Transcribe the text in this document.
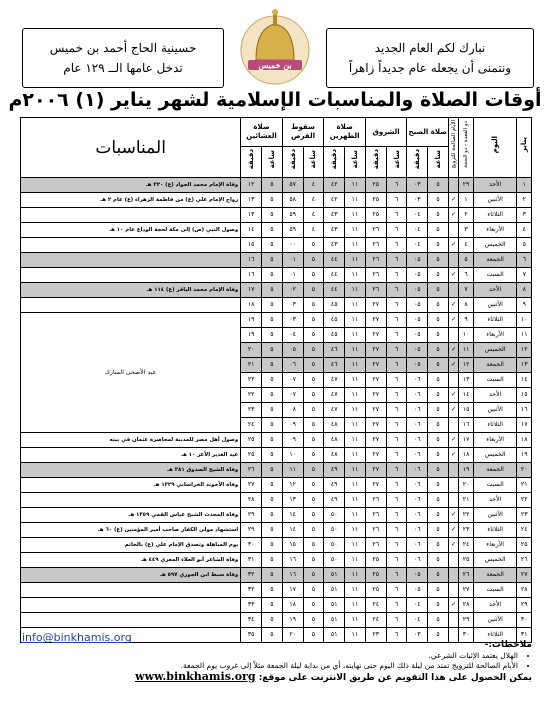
نبارك لكم العام الجديد
ونتمنى أن يجعله عام جديداً زاهراً
بن خميس
حسينية الحاج أحمد بن خميس
تدخل عامها الــ ١٢٩ عام
أوقات الصلاة والمناسبات الإسلامية لشهر يناير (١) ٢٠٠٦م
يناير	اليوم	ذو القعدة - ذو الحجة	الأيام الصالحة للتزويج	صلاة الصبح		الشروق		صلاة الظهرين		سقوط القرص		صلاة العشائين		المناسبات
				ساعة	دقيقة	ساعة	دقيقة	ساعة	دقيقة	ساعة	دقيقة	ساعة	دقيقة	
١	الأحد	٢٩		٥	٠٣	٦	٢٥	١١	٤٢	٤	٥٧	٥	١٢	وفاة الإمام محمد الجواد (ع) ٢٢٠ هـ
٢	الأثنين	١	✓	٥	٠٣	٦	٢٥	١١	٤٢	٤	٥٨	٥	١٣	زواج الإمام علي (ع) من فاطمة الزهراء (ع) عام ٢ هـ
٣	الثلاثاء	٢	✓	٥	٠٤	٦	٢٥	١١	٤٣	٤	٥٩	٥	١٣	
٤	الأربعاء	٣		٥	٠٤	٦	٢٦	١١	٤٣	٤	٥٩	٥	١٤	وصول النبي (ص) إلى مكة لحجة الوداع عام ١٠ هـ
٥	الخميس	٤	✓	٥	٠٤	٦	٢٦	١١	٤٣	٥	٠٠	٥	١٥	
٦	الجمعة	٥		٥	٠٥	٦	٢٦	١١	٤٤	٥	٠١	٥	١٦	
٧	السبت	٦	✓	٥	٠٥	٦	٢٦	١١	٤٤	٥	٠١	٥	١٦	
٨	الأحد	٧		٥	٠٥	٦	٢٦	١١	٤٤	٥	٠٢	٥	١٧	وفاة الإمام محمد الباقر (ع) ١١٤ هـ
٩	الأثنين	٨	✓	٥	٠٥	٦	٢٧	١١	٤٥	٥	٠٣	٥	١٨	
١٠	الثلاثاء	٩	✓	٥	٠٥	٦	٢٧	١١	٤٥	٥	٠٣	٥	١٩	عيد الأضحى المبارك
١١	الأربعاء	١٠		٥	٠٥	٦	٢٧	١١	٤٥	٥	٠٤	٥	١٩	
١٢	الخميس	١١	✓	٥	٠٥	٦	٢٧	١١	٤٦	٥	٠٥	٥	٢٠	
١٣	الجمعة	١٢	✓	٥	٠٥	٦	٢٧	١١	٤٦	٥	٠٦	٥	٢١	
١٤	السبت	١٣		٥	٠٦	٦	٢٧	١١	٤٧	٥	٠٧	٥	٢٢	
١٥	الأحد	١٤	✓	٥	٠٦	٦	٢٧	١١	٤٧	٥	٠٧	٥	٢٢	
١٦	الأثنين	١٥	✓	٥	٠٦	٦	٢٧	١١	٤٧	٥	٠٨	٥	٢٣	
١٧	الثلاثاء	١٦		٥	٠٦	٦	٢٧	١١	٤٨	٥	٠٩	٥	٢٤	
١٨	الأربعاء	١٧	✓	٥	٠٦	٦	٢٧	١١	٤٨	٥	٠٩	٥	٢٥	وصول أهل مصر للمدينة لمحاصرة عثمان في بيته
١٩	الخميس	١٨	✓	٥	٠٦	٦	٢٧	١١	٤٨	٥	١٠	٥	٢٥	عيد الغدير الأغر ١٠ هـ
٢٠	الجمعة	١٩		٥	٠٦	٦	٢٧	١١	٤٩	٥	١١	٥	٢٦	وفاة الشيخ الصدوق ٣٨١ هـ
٢١	السبت	٢٠		٥	٠٦	٦	٢٧	١١	٤٩	٥	١٢	٥	٢٧	وفاة الآخوند الخراساني ١٣٢٩ هـ
٢٢	الأحد	٢١		٥	٠٦	٦	٢٦	١١	٤٩	٥	١٣	٥	٢٨	
٢٣	الأثنين	٢٢	✓	٥	٠٦	٦	٢٦	١١	٥٠	٥	١٤	٥	٢٩	وفاة المحدث الشيخ عباس القمي ١٣٥٩ هـ
٢٤	الثلاثاء	٢٣	✓	٥	٠٦	٦	٢٦	١١	٥٠	٥	١٤	٥	٢٩	استشهاد مولى الكفار صاحب أمير المؤمنين (ع) ٦٠ هـ
٢٥	الأربعاء	٢٤	✓	٥	٠٦	٦	٢٦	١١	٥٠	٥	١٥	٥	٣٠	يوم المباهلة وتصدق الإمام علي (ع) بالخاتم
٢٦	الخميس	٢٥		٥	٠٦	٦	٢٥	١١	٥٠	٥	١٦	٥	٣١	وفاة الشاعر أبو العلاء المعري ٤٤٩ هـ
٢٧	الجمعة	٢٦		٥	٠٥	٦	٢٥	١١	٥١	٥	١٦	٥	٣٢	وفاة سبط ابن الجوزي ٥٩٧ هـ
٢٨	السبت	٢٧		٥	٠٥	٦	٢٥	١١	٥١	٥	١٧	٥	٣٢	
٢٩	الأحد	٢٨	✓	٥	٠٤	٦	٢٤	١١	٥١	٥	١٨	٥	٣٣	
٣٠	الأثنين	٢٩		٥	٠٤	٦	٢٤	١١	٥١	٥	١٩	٥	٣٤	
٣١	الثلاثاء	٣٠		٥	٠٣	٦	٢٣	١١	٥١	٥	٢٠	٥	٣٥	
info@binkhamis.org
ملاحظات:-
• الهلال يعتمد الإثبات الشرعي.
• الأيام الصالحة للتزويج تمتد من ليلة ذلك اليوم حتى نهايته، أي من بداية ليلة الجمعة مثلاً إلى غروب يوم الجمعة.
يمكن الحصول على هذا التقويم عن طريق الانترنت على موقع: www.binkhamis.org
